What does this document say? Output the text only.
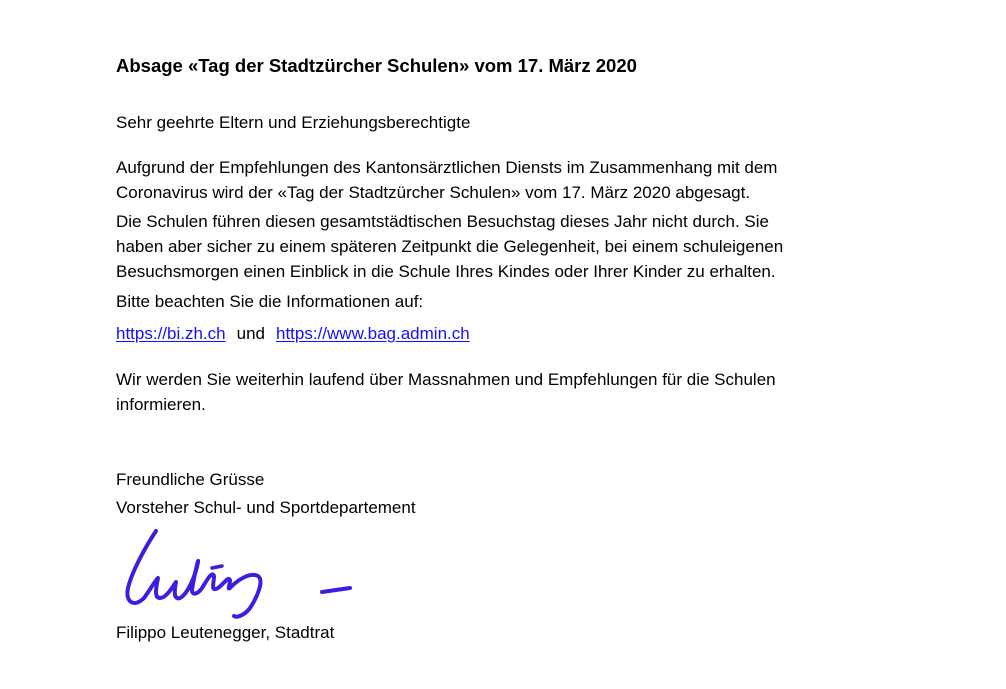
Absage «Tag der Stadtzürcher Schulen» vom 17. März 2020

Sehr geehrte Eltern und Erziehungsberechtigte

Aufgrund der Empfehlungen des Kantonsärztlichen Diensts im Zusammenhang mit dem
Coronavirus wird der «Tag der Stadtzürcher Schulen» vom 17. März 2020 abgesagt.

Die Schulen führen diesen gesamtstädtischen Besuchstag dieses Jahr nicht durch. Sie
haben aber sicher zu einem späteren Zeitpunkt die Gelegenheit, bei einem schuleigenen
Besuchsmorgen einen Einblick in die Schule Ihres Kindes oder Ihrer Kinder zu erhalten.

Bitte beachten Sie die Informationen auf:

https://bi.zh.ch und https://www.bag.admin.ch

Wir werden Sie weiterhin laufend über Massnahmen und Empfehlungen für die Schulen
informieren.

Freundliche Grüsse

Vorsteher Schul- und Sportdepartement

Filippo Leutenegger, Stadtrat
